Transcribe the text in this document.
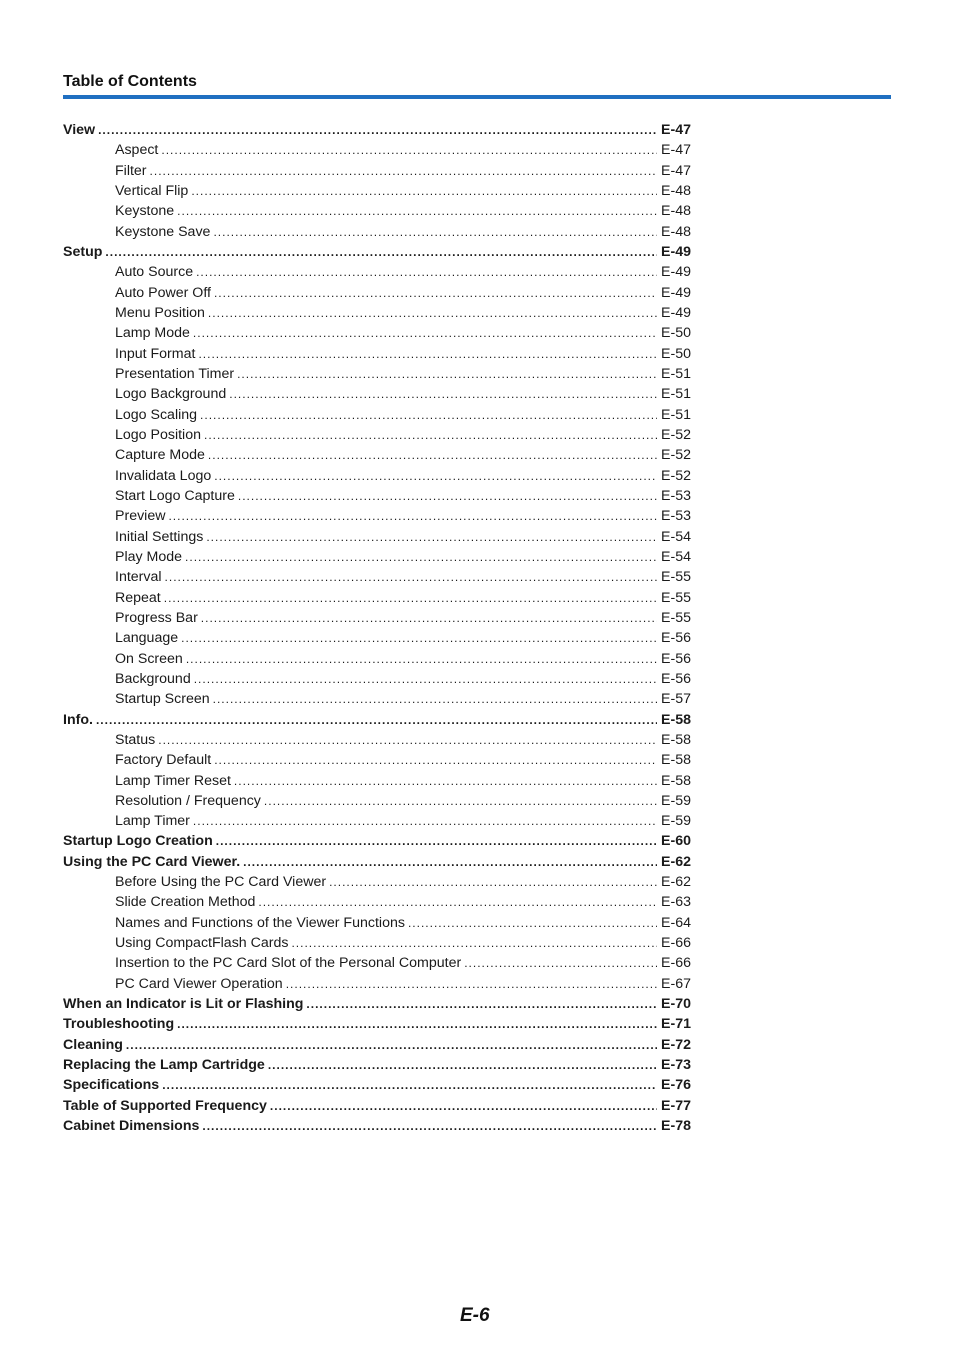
Table of Contents
View .....	E-47
Aspect .....	E-47
Filter .....	E-47
Vertical Flip .....	E-48
Keystone .....	E-48
Keystone Save .....	E-48
Setup .....	E-49
Auto Source .....	E-49
Auto Power Off .....	E-49
Menu Position .....	E-49
Lamp Mode .....	E-50
Input Format .....	E-50
Presentation Timer .....	E-51
Logo Background .....	E-51
Logo Scaling .....	E-51
Logo Position .....	E-52
Capture Mode .....	E-52
Invalidata Logo .....	E-52
Start Logo Capture .....	E-53
Preview .....	E-53
Initial Settings .....	E-54
Play Mode .....	E-54
Interval .....	E-55
Repeat .....	E-55
Progress Bar .....	E-55
Language .....	E-56
On Screen .....	E-56
Background .....	E-56
Startup Screen .....	E-57
Info. .....	E-58
Status .....	E-58
Factory Default .....	E-58
Lamp Timer Reset .....	E-58
Resolution / Frequency .....	E-59
Lamp Timer .....	E-59
Startup Logo Creation .....	E-60
Using the PC Card Viewer. .....	E-62
Before Using the PC Card Viewer .....	E-62
Slide Creation Method .....	E-63
Names and Functions of the Viewer Functions .....	E-64
Using CompactFlash Cards .....	E-66
Insertion to the PC Card Slot of the Personal Computer .....	E-66
PC Card Viewer Operation .....	E-67
When an Indicator is Lit or Flashing .....	E-70
Troubleshooting .....	E-71
Cleaning .....	E-72
Replacing the Lamp Cartridge .....	E-73
Specifications .....	E-76
Table of Supported Frequency .....	E-77
Cabinet Dimensions .....	E-78
E-6
